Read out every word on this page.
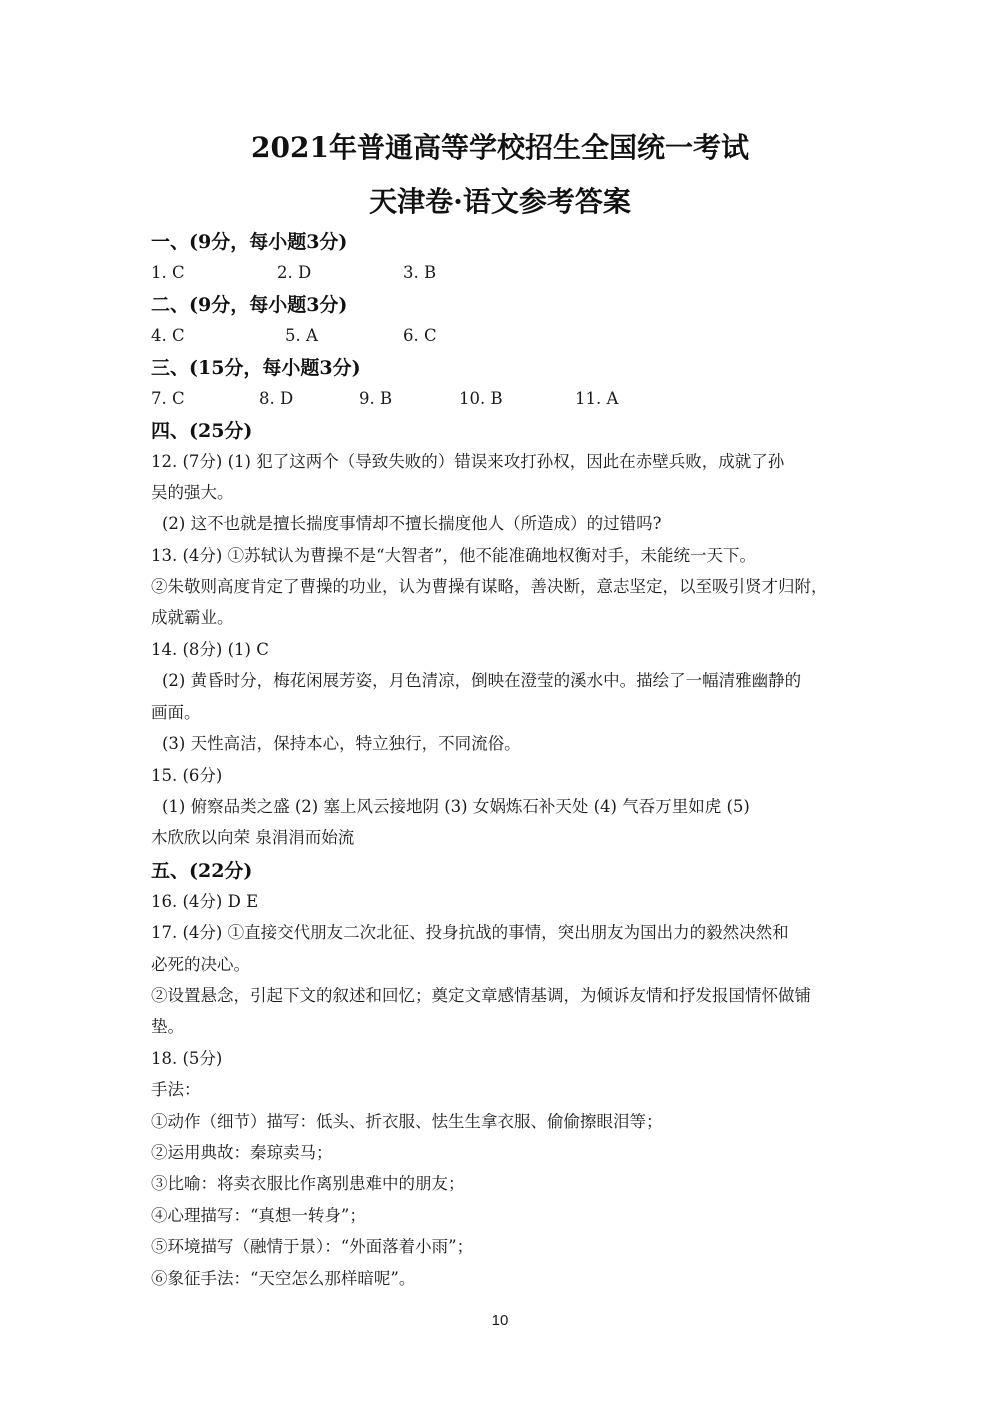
2021年普通高等学校招生全国统一考试
天津卷·语文参考答案
一、(9分，每小题3分)
1. C	2. D	3. B
二、(9分，每小题3分)
4. C	5. A	6. C
三、(15分，每小题3分)
7. C	8. D	9. B	10. B	11. A
四、(25分)
12. (7分) (1) 犯了这两个（导致失败的）错误来攻打孙权，因此在赤壁兵败，成就了孙
吴的强大。
(2) 这不也就是擅长揣度事情却不擅长揣度他人（所造成）的过错吗?
13. (4分) ①苏轼认为曹操不是“大智者”，他不能准确地权衡对手，未能统一天下。
②朱敬则高度肯定了曹操的功业，认为曹操有谋略，善决断，意志坚定，以至吸引贤才归附，
成就霸业。
14. (8分) (1) C
(2) 黄昏时分，梅花闲展芳姿，月色清凉，倒映在澄莹的溪水中。描绘了一幅清雅幽静的
画面。
(3) 天性高洁，保持本心，特立独行，不同流俗。
15. (6分)
(1) 俯察品类之盛 (2) 塞上风云接地阴 (3) 女娲炼石补天处 (4) 气吞万里如虎 (5)
木欣欣以向荣 泉涓涓而始流
五、(22分)
16. (4分) D E
17. (4分) ①直接交代朋友二次北征、投身抗战的事情，突出朋友为国出力的毅然决然和
必死的决心。
②设置悬念，引起下文的叙述和回忆；奠定文章感情基调，为倾诉友情和抒发报国情怀做铺
垫。
18. (5分)
手法：
①动作（细节）描写：低头、折衣服、怯生生拿衣服、偷偷擦眼泪等；
②运用典故：秦琼卖马；
③比喻：将卖衣服比作离别患难中的朋友；
④心理描写：“真想一转身”；
⑤环境描写（融情于景）：“外面落着小雨”；
⑥象征手法：“天空怎么那样暗呢”。
10
